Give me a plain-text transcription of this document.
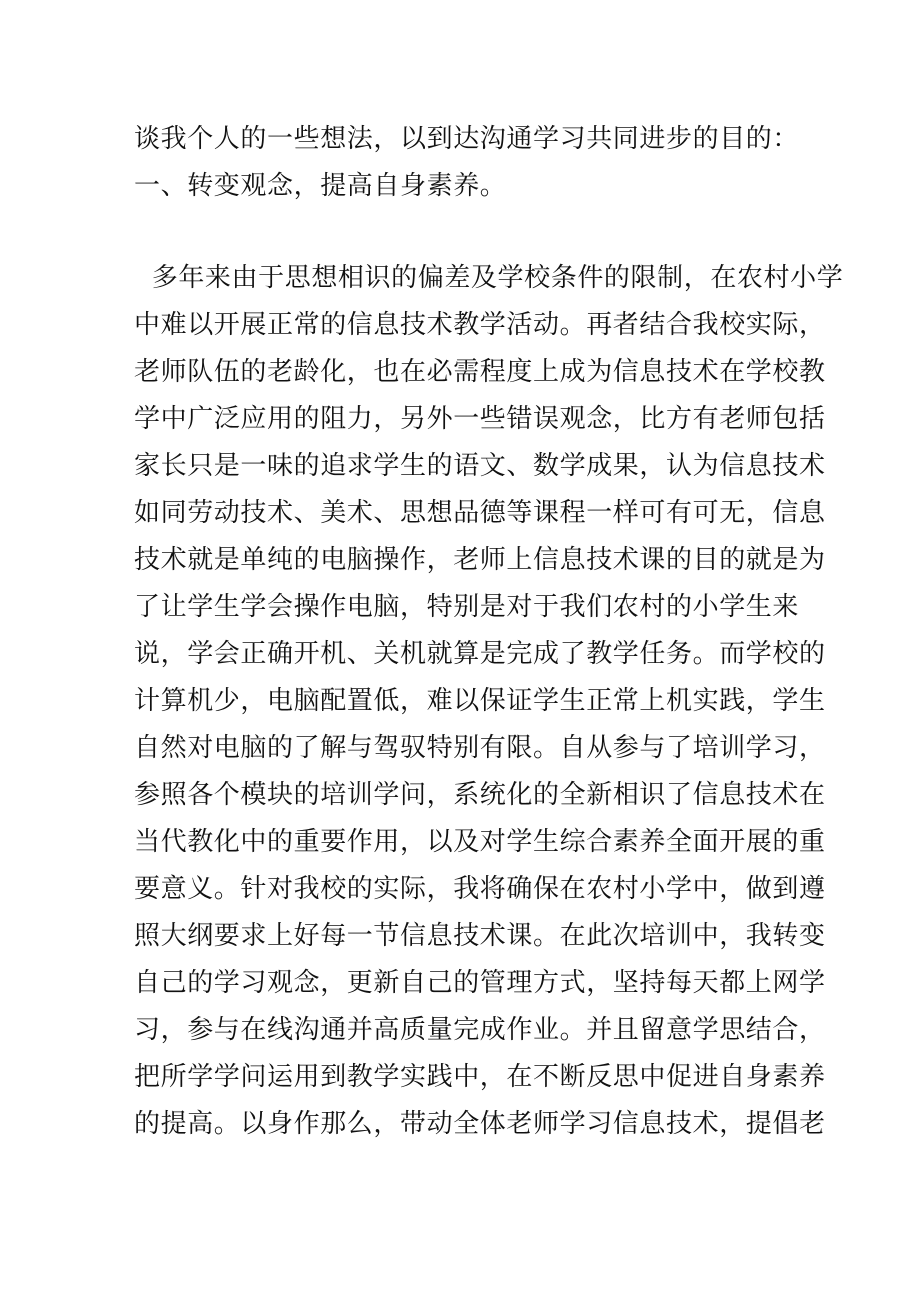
谈我个人的一些想法，以到达沟通学习共同进步的目的：
一、转变观念，提高自身素养。
多年来由于思想相识的偏差及学校条件的限制，在农村小学
中难以开展正常的信息技术教学活动。再者结合我校实际，
老师队伍的老龄化，也在必需程度上成为信息技术在学校教
学中广泛应用的阻力，另外一些错误观念，比方有老师包括
家长只是一味的追求学生的语文、数学成果，认为信息技术
如同劳动技术、美术、思想品德等课程一样可有可无，信息
技术就是单纯的电脑操作，老师上信息技术课的目的就是为
了让学生学会操作电脑，特别是对于我们农村的小学生来
说，学会正确开机、关机就算是完成了教学任务。而学校的
计算机少，电脑配置低，难以保证学生正常上机实践，学生
自然对电脑的了解与驾驭特别有限。自从参与了培训学习，
参照各个模块的培训学问，系统化的全新相识了信息技术在
当代教化中的重要作用，以及对学生综合素养全面开展的重
要意义。针对我校的实际，我将确保在农村小学中，做到遵
照大纲要求上好每一节信息技术课。在此次培训中，我转变
自己的学习观念，更新自己的管理方式，坚持每天都上网学
习，参与在线沟通并高质量完成作业。并且留意学思结合，
把所学学问运用到教学实践中，在不断反思中促进自身素养
的提高。以身作那么，带动全体老师学习信息技术，提倡老
